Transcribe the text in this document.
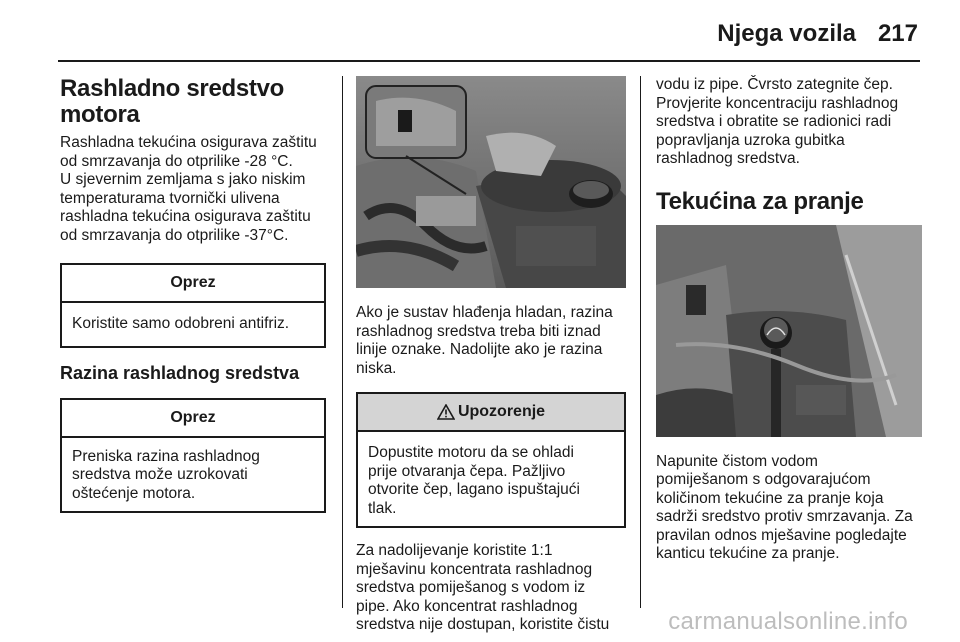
Njega vozila 217
Rashladno sredstvo motora
Rashladna tekućina osigurava zaštitu
od smrzavanja do otprilike -28 °C.
U sjevernim zemljama s jako niskim
temperaturama tvornički ulivena
rashladna tekućina osigurava zaštitu
od smrzavanja do otprilike -37°C.
Oprez
Koristite samo odobreni antifriz.
Razina rashladnog sredstva
Oprez
Preniska razina rashladnog
sredstva može uzrokovati
oštećenje motora.
Ako je sustav hlađenja hladan, razina
rashladnog sredstva treba biti iznad
linije oznake. Nadolijte ako je razina
niska.
Upozorenje
Dopustite motoru da se ohladi
prije otvaranja čepa. Pažljivo
otvorite čep, lagano ispuštajući
tlak.
Za nadolijevanje koristite 1:1
mješavinu koncentrata rashladnog
sredstva pomiješanog s vodom iz
pipe. Ako koncentrat rashladnog
sredstva nije dostupan, koristite čistu
vodu iz pipe. Čvrsto zategnite čep.
Provjerite koncentraciju rashladnog
sredstva i obratite se radionici radi
popravljanja uzroka gubitka
rashladnog sredstva.
Tekućina za pranje
Napunite čistom vodom
pomiješanom s odgovarajućom
količinom tekućine za pranje koja
sadrži sredstvo protiv smrzavanja. Za
pravilan odnos mješavine pogledajte
kanticu tekućine za pranje.
carmanualsonline.info
